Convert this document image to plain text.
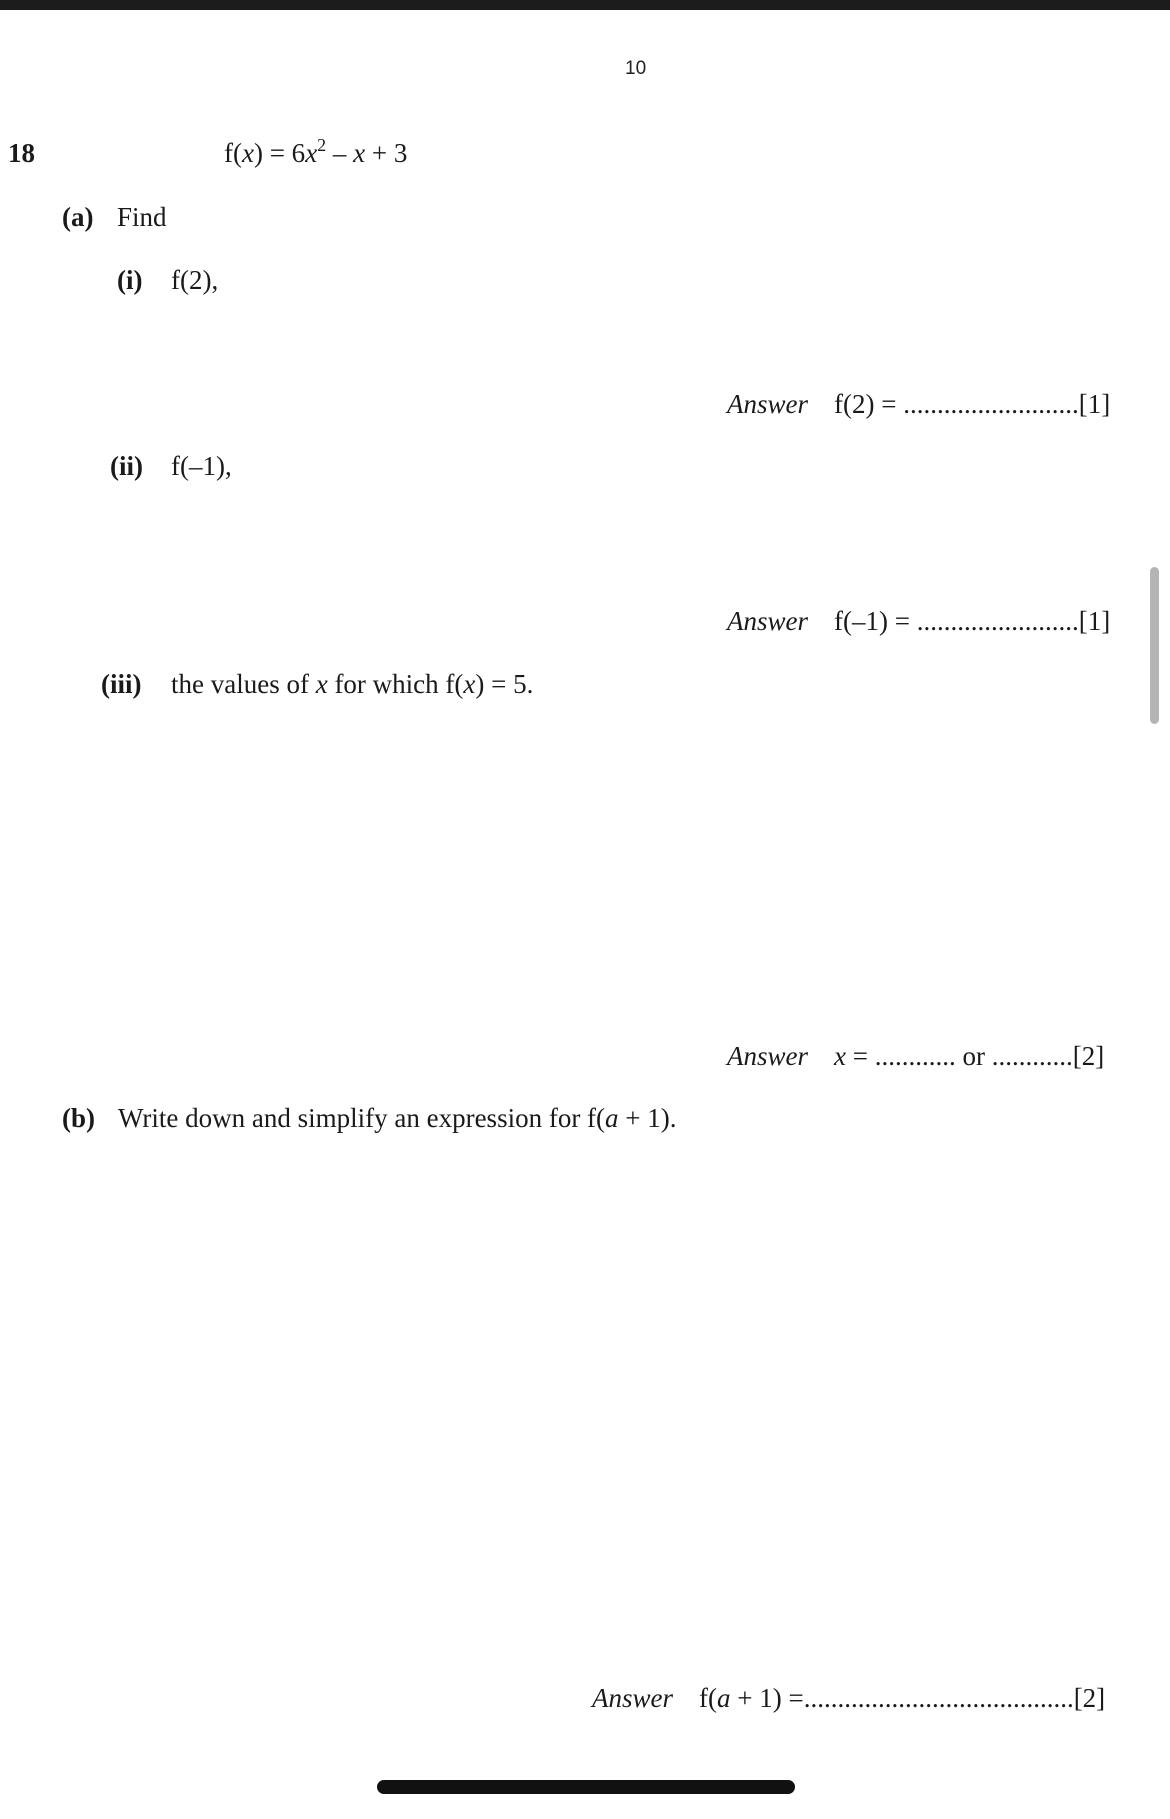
10
18	$f(x) = 6x^2 - x + 3$
(a) Find
(i) f(2),
Answer f(2) = ..........................[1]
(ii) f(–1),
Answer f(–1) = ........................[1]
(iii) the values of x for which f(x) = 5.
Answer x = ............ or ............[2]
(b) Write down and simplify an expression for f(a + 1).
Answer f(a + 1) =........................................[2]
